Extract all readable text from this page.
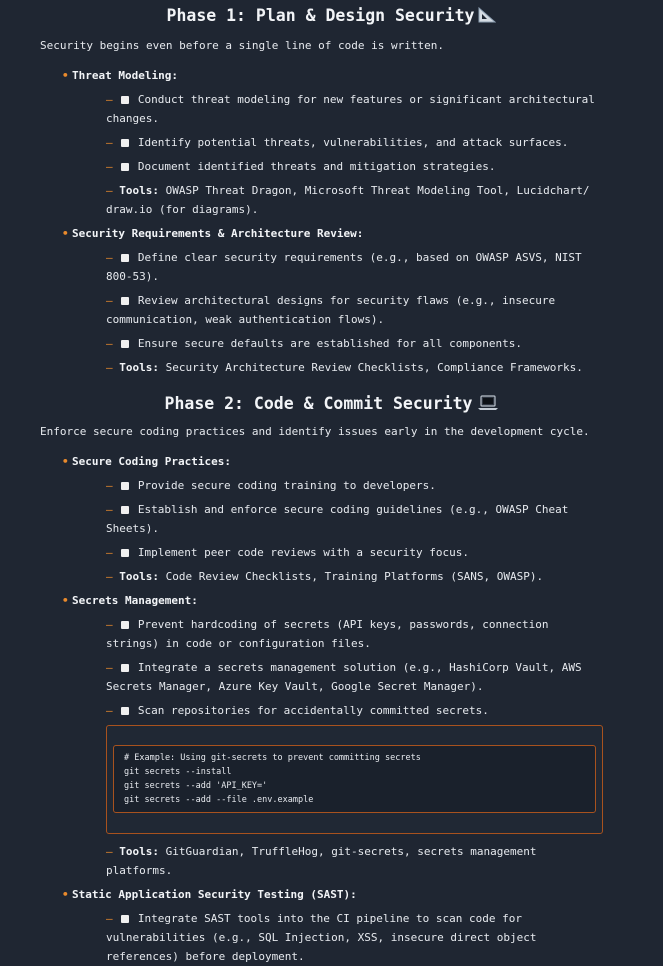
Phase 1: Plan & Design Security

Security begins even before a single line of code is written.

• Threat Modeling:
–  Conduct threat modeling for new features or significant architectural changes.
–  Identify potential threats, vulnerabilities, and attack surfaces.
–  Document identified threats and mitigation strategies.
– Tools: OWASP Threat Dragon, Microsoft Threat Modeling Tool, Lucidchart/ draw.io (for diagrams).
• Security Requirements & Architecture Review:
–  Define clear security requirements (e.g., based on OWASP ASVS, NIST 800-53).
–  Review architectural designs for security flaws (e.g., insecure communication, weak authentication flows).
–  Ensure secure defaults are established for all components.
– Tools: Security Architecture Review Checklists, Compliance Frameworks.
Phase 2: Code & Commit Security

Enforce secure coding practices and identify issues early in the development cycle.

• Secure Coding Practices:
–  Provide secure coding training to developers.
–  Establish and enforce secure coding guidelines (e.g., OWASP Cheat Sheets).
–  Implement peer code reviews with a security focus.
– Tools: Code Review Checklists, Training Platforms (SANS, OWASP).
• Secrets Management:
–  Prevent hardcoding of secrets (API keys, passwords, connection strings) in code or configuration files.
–  Integrate a secrets management solution (e.g., HashiCorp Vault, AWS Secrets Manager, Azure Key Vault, Google Secret Manager).
–  Scan repositories for accidentally committed secrets.
# Example: Using git-secrets to prevent committing secrets
git secrets --install
git secrets --add 'API_KEY='
git secrets --add --file .env.example
– Tools: GitGuardian, TruffleHog, git-secrets, secrets management platforms.
• Static Application Security Testing (SAST):
–  Integrate SAST tools into the CI pipeline to scan code for vulnerabilities (e.g., SQL Injection, XSS, insecure direct object references) before deployment.
